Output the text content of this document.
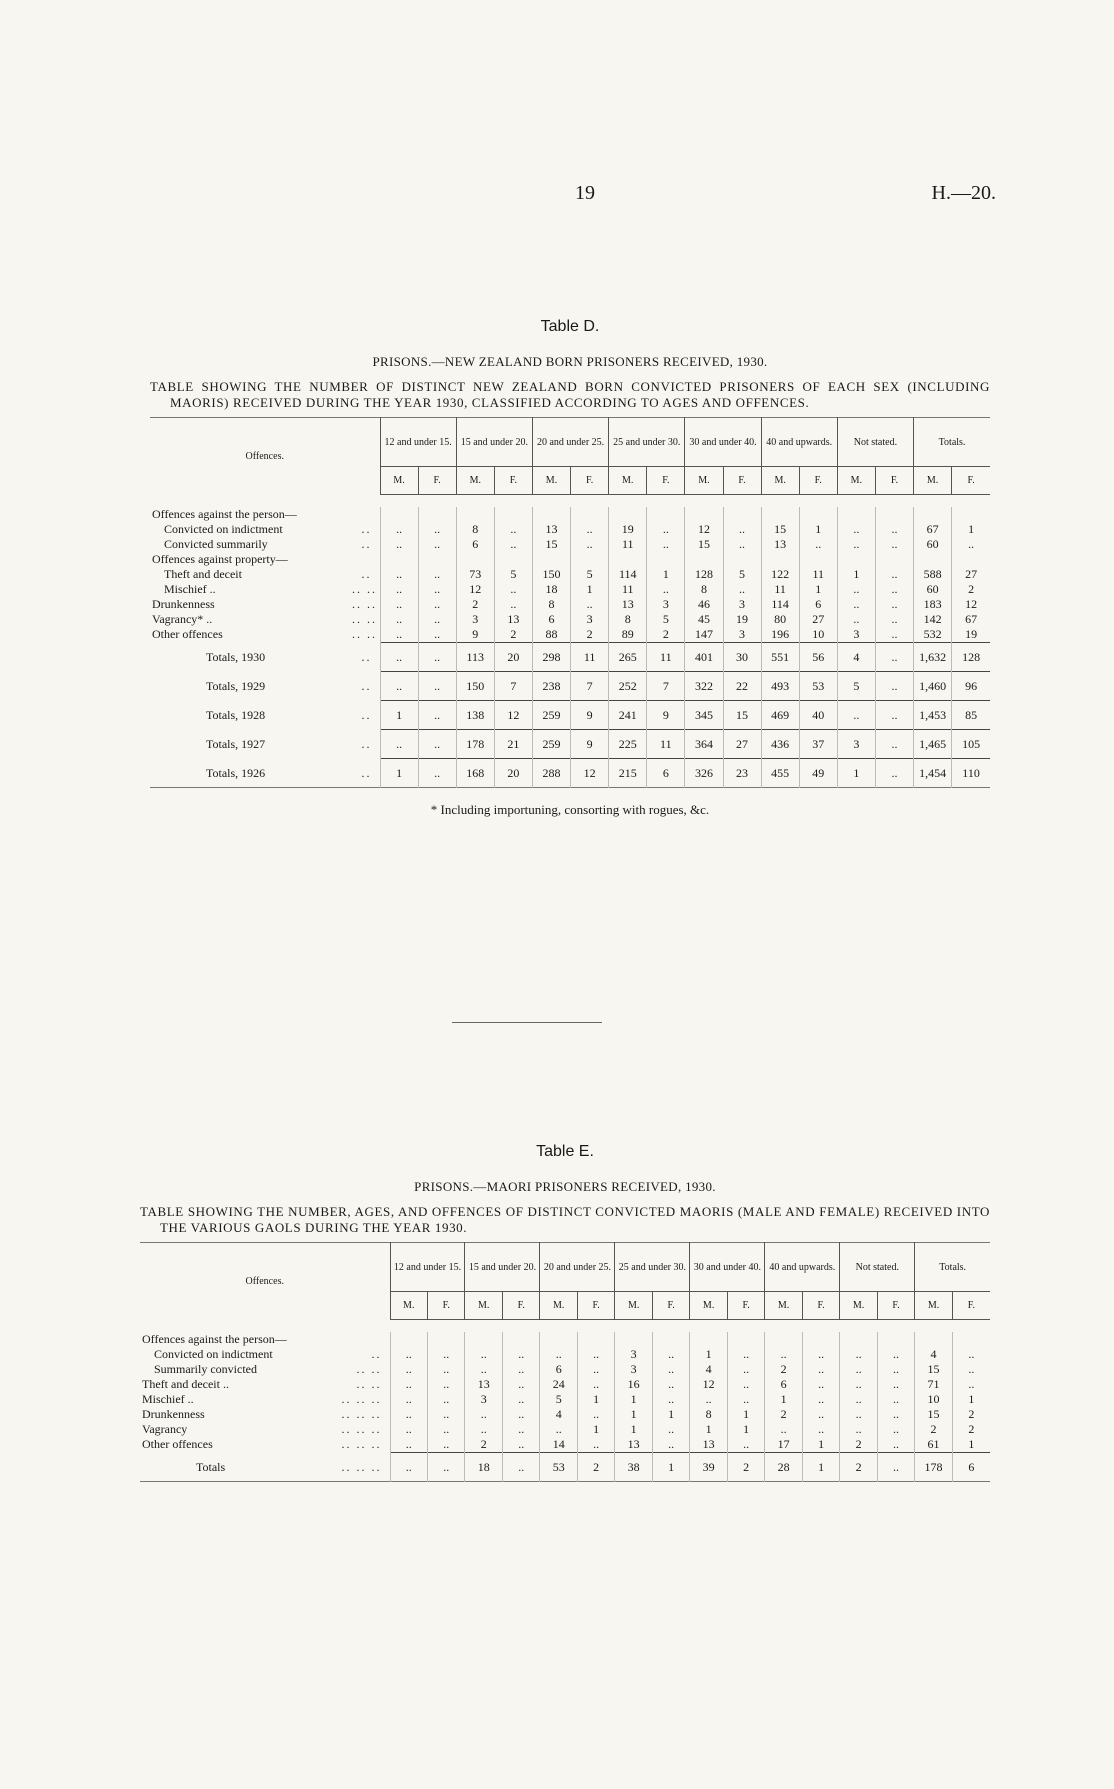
19	H.—20.
Table D.
PRISONS.—NEW ZEALAND BORN PRISONERS RECEIVED, 1930.
TABLE SHOWING THE NUMBER OF DISTINCT NEW ZEALAND BORN CONVICTED PRISONERS OF EACH SEX (INCLUDING MAORIS) RECEIVED DURING THE YEAR 1930, CLASSIFIED ACCORDING TO AGES AND OFFENCES.
Offences.		12 and under 15.		15 and under 20.		20 and under 25.		25 and under 30.		30 and under 40.		40 and upwards.		Not stated.		Totals.	
		M.	F.	M.	F.	M.	F.	M.	F.	M.	F.	M.	F.	M.	F.	M.	F.

Offences against the person—																	
Convicted on indictment	..	..	..	8	..	13	..	19	..	12	..	15	1	..	..	67	1
Convicted summarily	..	..	..	6	..	15	..	11	..	15	..	13	..	..	..	60	..
Offences against property—																	
Theft and deceit	..	..	..	73	5	150	5	114	1	128	5	122	11	1	..	588	27
Mischief ..	.. ..	..	..	12	..	18	1	11	..	8	..	11	1	..	..	60	2
Drunkenness	.. ..	..	..	2	..	8	..	13	3	46	3	114	6	..	..	183	12
Vagrancy* ..	.. ..	..	..	3	13	6	3	8	5	45	19	80	27	..	..	142	67
Other offences	.. ..	..	..	9	2	88	2	89	2	147	3	196	10	3	..	532	19
Totals, 1930	..	..	..	113	20	298	11	265	11	401	30	551	56	4	..	1,632	128
Totals, 1929	..	..	..	150	7	238	7	252	7	322	22	493	53	5	..	1,460	96
Totals, 1928	..	1	..	138	12	259	9	241	9	345	15	469	40	..	..	1,453	85
Totals, 1927	..	..	..	178	21	259	9	225	11	364	27	436	37	3	..	1,465	105
Totals, 1926	..	1	..	168	20	288	12	215	6	326	23	455	49	1	..	1,454	110
* Including importuning, consorting with rogues, &c.
Table E.
PRISONS.—MAORI PRISONERS RECEIVED, 1930.
TABLE SHOWING THE NUMBER, AGES, AND OFFENCES OF DISTINCT CONVICTED MAORIS (MALE AND FEMALE) RECEIVED INTO THE VARIOUS GAOLS DURING THE YEAR 1930.
Offences.		12 and under 15.		15 and under 20.		20 and under 25.		25 and under 30.		30 and under 40.		40 and upwards.		Not stated.		Totals.	
		M.	F.	M.	F.	M.	F.	M.	F.	M.	F.	M.	F.	M.	F.	M.	F.

Offences against the person—																	
Convicted on indictment	..	..	..	..	..	..	..	3	..	1	..	..	..	..	..	4	..
Summarily convicted	.. ..	..	..	..	..	6	..	3	..	4	..	2	..	..	..	15	..
Theft and deceit ..	.. ..	..	..	13	..	24	..	16	..	12	..	6	..	..	..	71	..
Mischief ..	.. .. ..	..	..	3	..	5	1	1	..	..	..	1	..	..	..	10	1
Drunkenness	.. .. ..	..	..	..	..	4	..	1	1	8	1	2	..	..	..	15	2
Vagrancy	.. .. ..	..	..	..	..	..	1	1	..	1	1	..	..	..	..	2	2
Other offences	.. .. ..	..	..	2	..	14	..	13	..	13	..	17	1	2	..	61	1
Totals	.. .. ..	..	..	18	..	53	2	38	1	39	2	28	1	2	..	178	6
